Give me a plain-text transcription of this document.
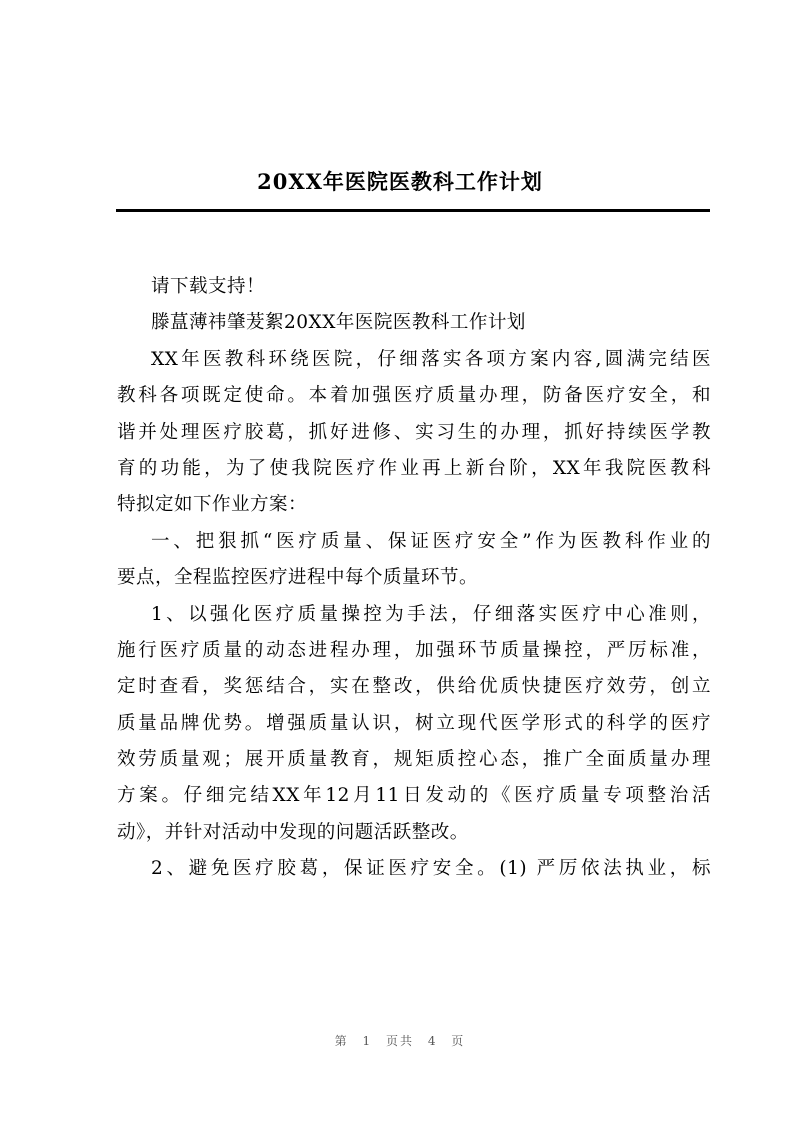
20XX年医院医教科工作计划
请下载支持！
滕蒀薄祎肇茇絮20XX年医院医教科工作计划
XX年医教科环绕医院，仔细落实各项方案内容,圆满完结医
教科各项既定使命。本着加强医疗质量办理，防备医疗安全，和
谐并处理医疗胶葛，抓好进修、实习生的办理，抓好持续医学教
育的功能，为了使我院医疗作业再上新台阶，XX年我院医教科
特拟定如下作业方案：
一、把狠抓“医疗质量、保证医疗安全”作为医教科作业的
要点，全程监控医疗进程中每个质量环节。
1、以强化医疗质量操控为手法，仔细落实医疗中心准则，
施行医疗质量的动态进程办理，加强环节质量操控，严厉标准，
定时查看，奖惩结合，实在整改，供给优质快捷医疗效劳，创立
质量品牌优势。增强质量认识，树立现代医学形式的科学的医疗
效劳质量观；展开质量教育，规矩质控心态，推广全面质量办理
方案。仔细完结XX年12月11日发动的《医疗质量专项整治活
动》，并针对活动中发现的问题活跃整改。
2、避免医疗胶葛，保证医疗安全。(1) 严厉依法执业，标
第 1 页共 4 页
